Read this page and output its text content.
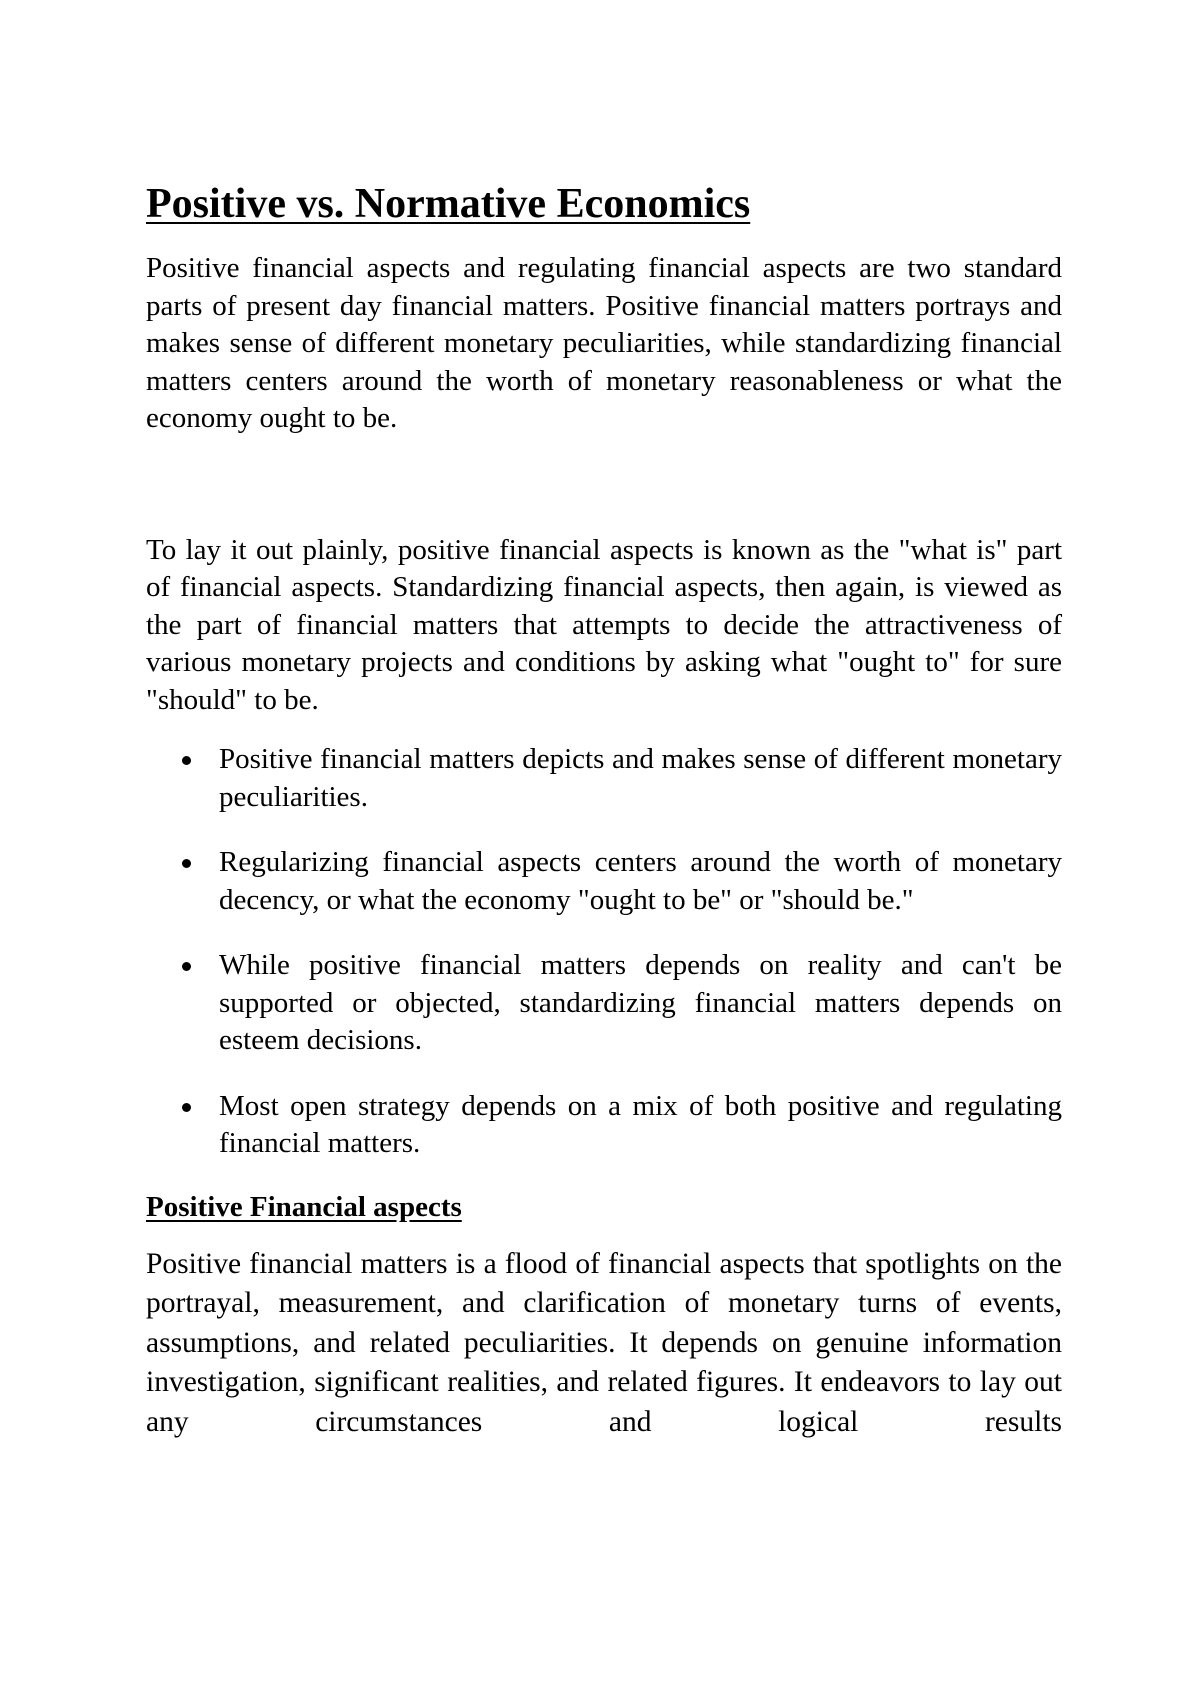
Positive vs. Normative Economics

Positive financial aspects and regulating financial aspects are two standard parts of present day financial matters. Positive financial matters portrays and makes sense of different monetary peculiarities, while standardizing financial matters centers around the worth of monetary reasonableness or what the economy ought to be.

To lay it out plainly, positive financial aspects is known as the "what is" part of financial aspects. Standardizing financial aspects, then again, is viewed as the part of financial matters that attempts to decide the attractiveness of various monetary projects and conditions by asking what "ought to" for sure "should" to be.

Positive financial matters depicts and makes sense of different monetary peculiarities.
Regularizing financial aspects centers around the worth of monetary decency, or what the economy "ought to be" or "should be."
While positive financial matters depends on reality and can't be supported or objected, standardizing financial matters depends on esteem decisions.
Most open strategy depends on a mix of both positive and regulating financial matters.
Positive Financial aspects

Positive financial matters is a flood of financial aspects that spotlights on the portrayal, measurement, and clarification of monetary turns of events, assumptions, and related peculiarities. It depends on genuine information investigation, significant realities, and related figures. It endeavors to lay out any circumstances and logical results
